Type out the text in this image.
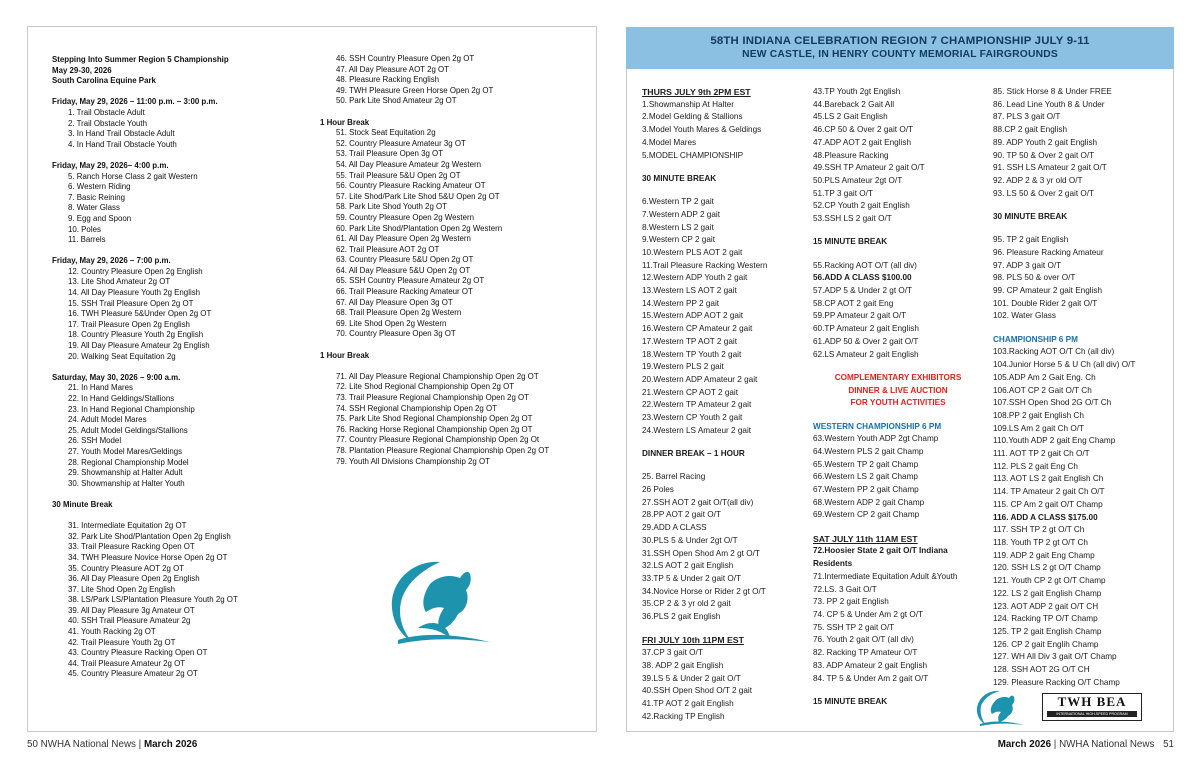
58TH INDIANA CELEBRATION REGION 7 CHAMPIONSHIP JULY 9-11
NEW CASTLE, IN HENRY COUNTY MEMORIAL FAIRGROUNDS
Stepping Into Summer Region 5 Championship
May 29-30, 2026
South Carolina Equine Park
Friday, May 29, 2026 – 11:00 p.m. – 3:00 p.m.
1. Trail Obstacle Adult
2. Trail Obstacle Youth
3. In Hand Trail Obstacle Adult
4. In Hand Trail Obstacle Youth
Friday, May 29, 2026– 4:00 p.m.
5. Ranch Horse Class 2 gait Western
6. Western Riding
7. Basic Reining
8. Water Glass
9. Egg and Spoon
10. Poles
11. Barrels
Friday, May 29, 2026 – 7:00 p.m.
12. Country Pleasure Open 2g English
13. Lite Shod Amateur 2g OT
14. All Day Pleasure Youth 2g English
15. SSH Trail Pleasure Open 2g OT
16. TWH Pleasure 5&Under Open 2g OT
17. Trail Pleasure Open 2g English
18. Country Pleasure Youth 2g English
19. All Day Pleasure Amateur 2g English
20. Walking Seat Equitation 2g
Saturday, May 30, 2026 – 9:00 a.m.
21. In Hand Mares
22. In Hand Geldings/Stallions
23. In Hand Regional Championship
24. Adult Model Mares
25. Adult Model Geldings/Stallions
26. SSH Model
27. Youth Model Mares/Geldings
28. Regional Championship Model
29. Showmanship at Halter Adult
30. Showmanship at Halter Youth
30 Minute Break
31. Intermediate Equitation 2g OT
32. Park Lite Shod/Plantation Open 2g English
33. Trail Pleasure Racking Open OT
34. TWH Pleasure Novice Horse Open 2g OT
35. Country Pleasure AOT 2g OT
36. All Day Pleasure Open 2g English
37. Lite Shod Open 2g English
38. LS/Park LS/Plantation Pleasure Youth 2g OT
39. All Day Pleasure 3g Amateur OT
40. SSH Trail Pleasure Amateur 2g
41. Youth Racking 2g OT
42. Trail Pleasure Youth 2g OT
43. Country Pleasure Racking Open OT
44. Trail Pleasure Amateur 2g OT
45. Country Pleasure Amateur 2g OT
46. SSH Country Pleasure Open 2g OT
47. All Day Pleasure AOT 2g OT
48. Pleasure Racking English
49. TWH Pleasure Green Horse Open 2g OT
50. Park Lite Shod Amateur 2g OT
1 Hour Break
51. Stock Seat Equitation 2g
52. Country Pleasure Amateur 3g OT
53. Trail Pleasure Open 3g OT
54. All Day Pleasure Amateur 2g Western
55. Trail Pleasure 5&U Open 2g OT
56. Country Pleasure Racking Amateur OT
57. Lite Shod/Park Lite Shod 5&U Open 2g OT
58. Park Lite Shod Youth 2g OT
59. Country Pleasure Open 2g Western
60. Park Lite Shod/Plantation Open 2g Western
61. All Day Pleasure Open 2g Western
62. Trail Pleasure AOT 2g OT
63. Country Pleasure 5&U Open 2g OT
64. All Day Pleasure 5&U Open 2g OT
65. SSH Country Pleasure Amateur 2g OT
66. Trail Pleasure Racking Amateur OT
67. All Day Pleasure Open 3g OT
68. Trail Pleasure Open 2g Western
69. Lite Shod Open 2g Western
70. Country Pleasure Open 3g OT
1 Hour Break
71. All Day Pleasure Regional Championship Open 2g OT
72. Lite Shod Regional Championship Open 2g OT
73. Trail Pleasure Regional Championship Open 2g OT
74. SSH Regional Championship Open 2g OT
75. Park Lite Shod Regional Championship Open 2g OT
76. Racking Horse Regional Championship Open 2g OT
77. Country Pleasure Regional Championship Open 2g Ot
78. Plantation Pleasure Regional Championship Open 2g OT
79. Youth All Divisions Championship 2g OT
THURS JULY 9th 2PM EST
1.Showmanship At Halter
2.Model Gelding & Stallions
3.Model Youth Mares & Geldings
4.Model Mares
5.MODEL CHAMPIONSHIP
30 MINUTE BREAK
6.Western TP 2 gait
7.Western ADP 2 gait
8.Western LS 2 gait
9.Western CP 2 gait
10.Western PLS AOT 2 gait
11.Trail Pleasure Racking Western
12.Western ADP Youth 2 gait
13.Western LS AOT 2 gait
14.Western PP 2 gait
15.Western ADP AOT 2 gait
16.Western CP Amateur 2 gait
17.Western TP AOT 2 gait
18.Western TP Youth 2 gait
19.Western PLS 2 gait
20.Western ADP Amateur 2 gait
21.Western CP AOT 2 gait
22.Western TP Amateur 2 gait
23.Western CP Youth 2 gait
24.Western LS Amateur 2 gait
DINNER BREAK – 1 HOUR
25. Barrel Racing
26 Poles
27.SSH AOT 2 gait O/T(all div)
28.PP AOT 2 gait O/T
29.ADD A CLASS
30.PLS 5 & Under 2gt O/T
31.SSH Open Shod Am 2 gt O/T
32.LS AOT 2 gait English
33.TP 5 & Under 2 gait O/T
34.Novice Horse or Rider 2 gt O/T
35.CP 2 & 3 yr old 2 gait
36.PLS 2 gait English
FRI JULY 10th 11PM EST
37.CP 3 gait O/T
38. ADP 2 gait English
39.LS 5 & Under 2 gait O/T
40.SSH Open Shod O/T 2 gait
41.TP AOT 2 gait English
42.Racking TP English
43.TP Youth 2gt English
44.Bareback 2 Gait All
45.LS 2 Gait English
46.CP 50 & Over 2 gait O/T
47.ADP AOT 2 gait English
48.Pleasure Racking
49.SSH TP Amateur 2 gait O/T
50.PLS Amateur 2gt O/T
51.TP 3 gait O/T
52.CP Youth 2 gait English
53.SSH LS 2 gait O/T
15 MINUTE BREAK
55.Racking AOT O/T (all div)
56.ADD A CLASS $100.00
57.ADP 5 & Under 2 gt O/T
58.CP AOT 2 gait Eng
59.PP Amateur 2 gait O/T
60.TP Amateur 2 gait English
61.ADP 50 & Over 2 gait O/T
62.LS Amateur 2 gait English
COMPLEMENTARY EXHIBITORS
DINNER & LIVE AUCTION
FOR YOUTH ACTIVITIES
WESTERN CHAMPIONSHIP 6 PM
63.Western Youth ADP 2gt Champ
64.Western PLS 2 gait Champ
65.Western TP 2 gait Champ
66.Western LS 2 gait Champ
67.Western PP 2 gait Champ
68.Western ADP 2 gait Champ
69.Western CP 2 gait Champ
SAT JULY 11th 11AM EST
72.Hoosier State 2 gait O/T Indiana Residents
71.Intermediate Equitation Adult &Youth
72.LS. 3 Gait O/T
73. PP 2 gait English
74. CP 5 & Under Am 2 gt O/T
75. SSH TP 2 gait O/T
76. Youth 2 gait O/T (all div)
82. Racking TP Amateur O/T
83. ADP Amateur 2 gait English
84. TP 5 & Under Am 2 gait O/T
15 MINUTE BREAK
85. Stick Horse 8 & Under FREE
86. Lead Line Youth 8 & Under
87. PLS 3 gait O/T
88.CP 2 gait English
89. ADP Youth 2 gait English
90. TP 50 & Over 2 gait O/T
91. SSH LS Amateur 2 gait O/T
92. ADP 2 & 3 yr old O/T
93. LS 50 & Over 2 gait O/T
30 MINUTE BREAK
95. TP 2 gait English
96. Pleasure Racking Amateur
97. ADP 3 gait O/T
98. PLS 50 & over O/T
99. CP Amateur 2 gait English
101. Double Rider 2 gait O/T
102. Water Glass
CHAMPIONSHIP 6 PM
103.Racking AOT O/T Ch (all div)
104.Junior Horse 5 & U Ch (all div) O/T
105.ADP Am 2 Gait Eng. Ch
106.AOT CP 2 Gait O/T Ch
107.SSH Open Shod 2G O/T Ch
108.PP 2 gait English Ch
109.LS Am 2 gait Ch O/T
110.Youth ADP 2 gait Eng Champ
111. AOT TP 2 gait Ch O/T
112. PLS 2 gait Eng Ch
113. AOT LS 2 gait English Ch
114. TP Amateur 2 gait Ch O/T
115. CP Am 2 gait O/T Champ
116. ADD A CLASS $175.00
117. SSH TP 2 gt O/T Ch
118. Youth TP 2 gt O/T Ch
119. ADP 2 gait Eng Champ
120. SSH LS 2 gt O/T Champ
121. Youth CP 2 gt O/T Champ
122. LS 2 gait English Champ
123. AOT ADP 2 gait O/T CH
124. Racking TP O/T Champ
125. TP 2 gait English Champ
126. CP 2 gait Englih Champ
127. WH All Div 3 gait O/T Champ
128. SSH AOT 2G O/T CH
129. Pleasure Racking O/T Champ
TWH BEA
INTERNATIONAL HIGH-SPEED PROGRAM
50 NWHA National News | March 2026	March 2026 | NWHA National News 51
